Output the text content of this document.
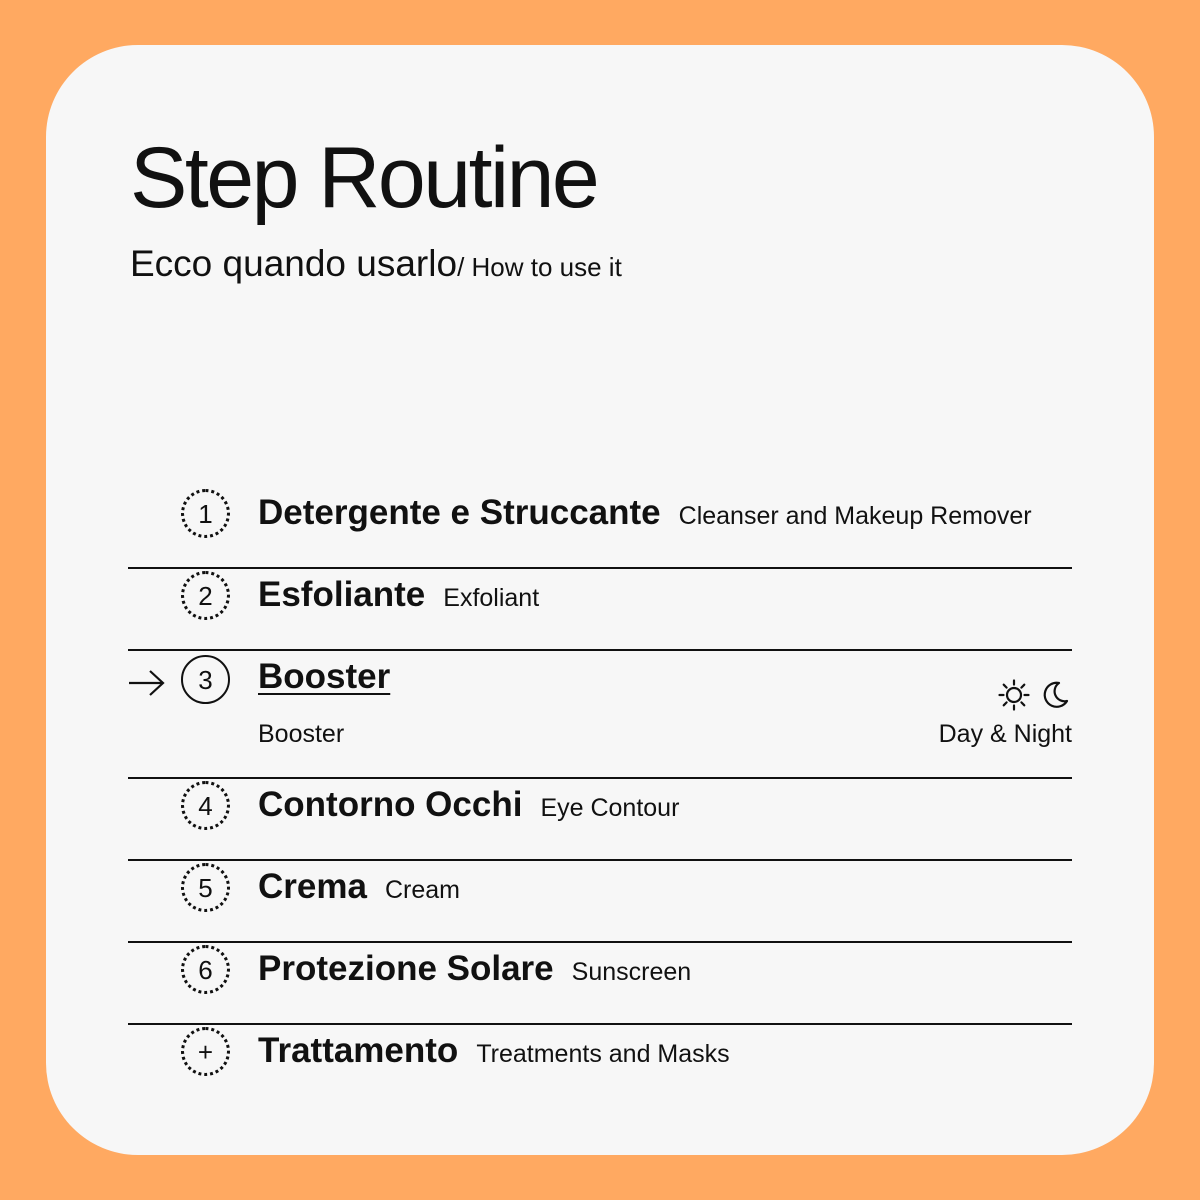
Step Routine
Ecco quando usarlo/ How to use it
1 Detergente e Struccante Cleanser and Makeup Remover
2 Esfoliante Exfoliant
3 Booster
Booster	Day & Night
4 Contorno Occhi Eye Contour
5 Crema Cream
6 Protezione Solare Sunscreen
+ Trattamento Treatments and Masks
